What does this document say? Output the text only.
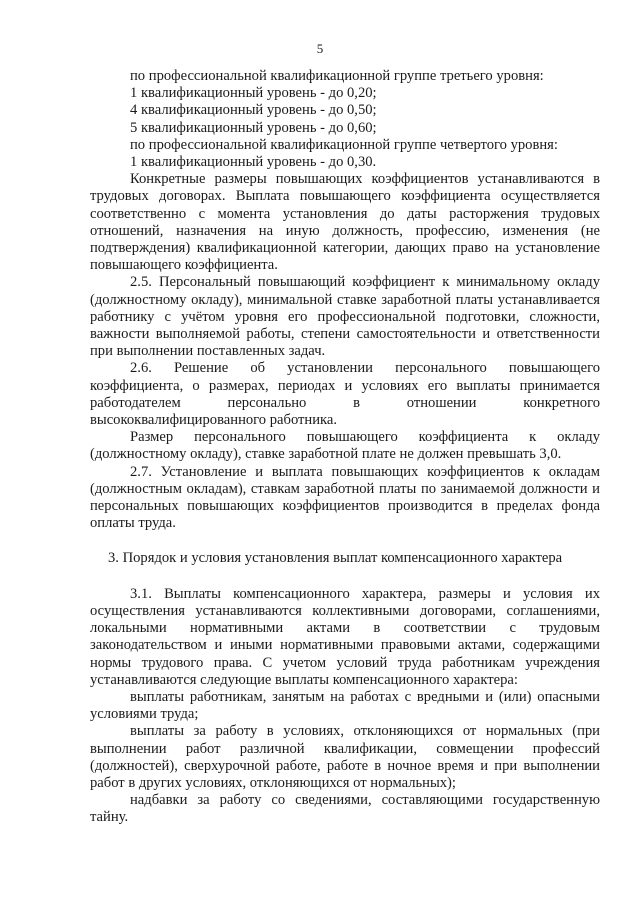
5

по профессиональной квалификационной группе третьего уровня:

1 квалификационный уровень - до 0,20;

4 квалификационный уровень - до 0,50;

5 квалификационный уровень - до 0,60;

по профессиональной квалификационной группе четвертого уровня:

1 квалификационный уровень - до 0,30.

Конкретные размеры повышающих коэффициентов устанавливаются в трудовых договорах. Выплата повышающего коэффициента осуществляется соответственно с момента установления до даты расторжения трудовых отношений, назначения на иную должность, профессию, изменения (не подтверждения) квалификационной категории, дающих право на установление повышающего коэффициента.

2.5. Персональный повышающий коэффициент к минимальному окладу (должностному окладу), минимальной ставке заработной платы устанавливается работнику с учётом уровня его профессиональной подготовки, сложности, важности выполняемой работы, степени самостоятельности и ответственности при выполнении поставленных задач.

2.6. Решение об установлении персонального повышающего коэффициента, о размерах, периодах и условиях его выплаты принимается работодателем персонально в отношении конкретного высококвалифицированного работника.

Размер персонального повышающего коэффициента к окладу (должностному окладу), ставке заработной плате не должен превышать 3,0.

2.7. Установление и выплата повышающих коэффициентов к окладам (должностным окладам), ставкам заработной платы по занимаемой должности и персональных повышающих коэффициентов производится в пределах фонда оплаты труда.

3. Порядок и условия установления выплат компенсационного характера

3.1. Выплаты компенсационного характера, размеры и условия их осуществления устанавливаются коллективными договорами, соглашениями, локальными нормативными актами в соответствии с трудовым законодательством и иными нормативными правовыми актами, содержащими нормы трудового права. С учетом условий труда работникам учреждения устанавливаются следующие выплаты компенсационного характера:

выплаты работникам, занятым на работах с вредными и (или) опасными условиями труда;

выплаты за работу в условиях, отклоняющихся от нормальных (при выполнении работ различной квалификации, совмещении профессий (должностей), сверхурочной работе, работе в ночное время и при выполнении работ в других условиях, отклоняющихся от нормальных);

надбавки за работу со сведениями, составляющими государственную тайну.
